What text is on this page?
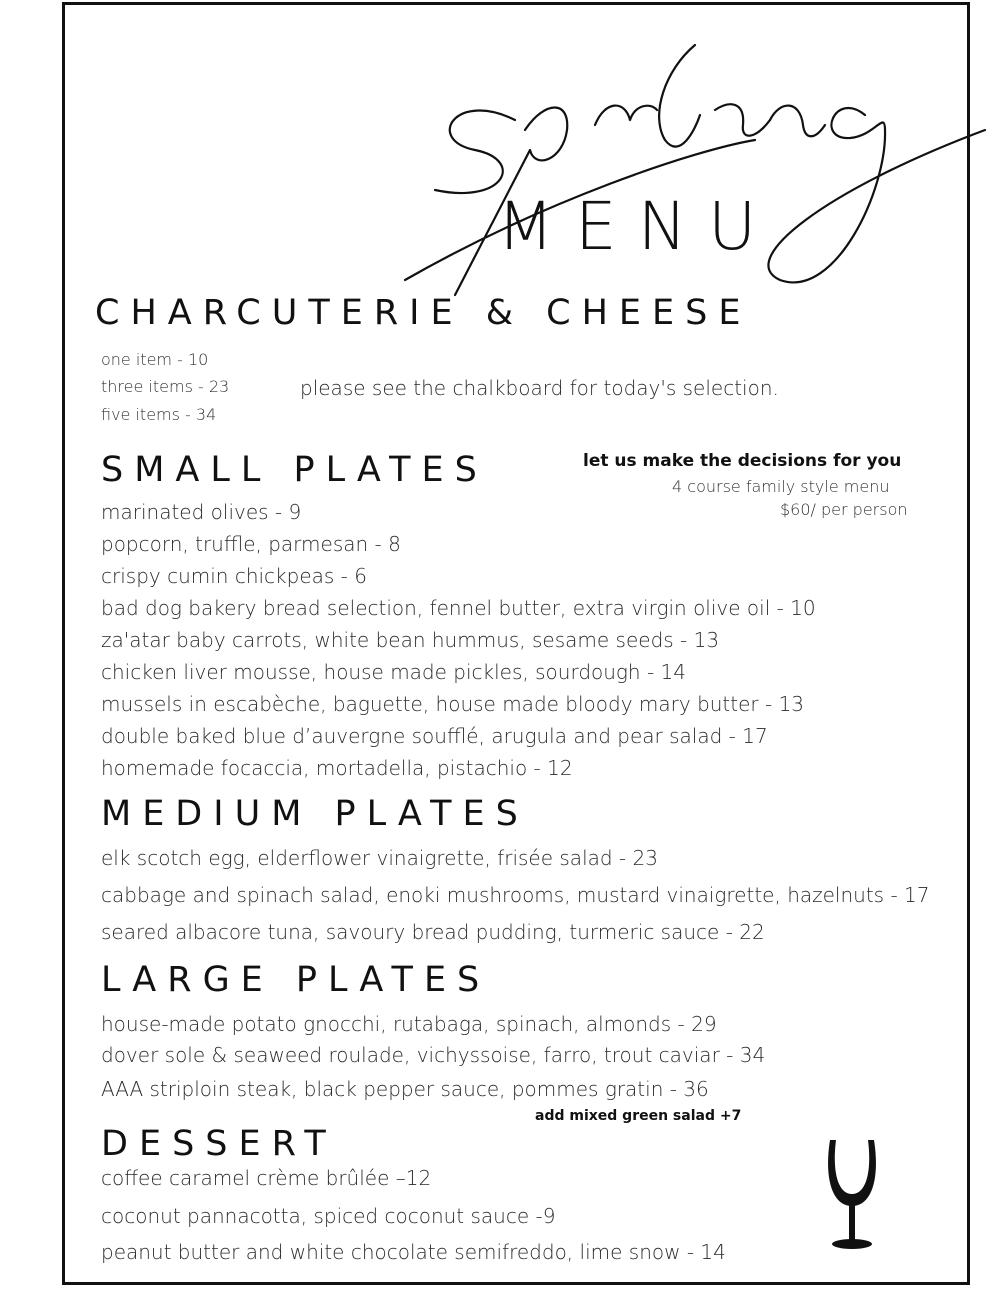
MENU
CHARCUTERIE & CHEESE
one item - 10
three items - 23
five items - 34
please see the chalkboard for today's selection.
SMALL PLATES	let us make the decisions for you
4 course family style menu
$60/ per person
marinated olives - 9
popcorn, truffle, parmesan - 8
crispy cumin chickpeas - 6
bad dog bakery bread selection, fennel butter, extra virgin olive oil - 10
za'atar baby carrots, white bean hummus, sesame seeds - 13
chicken liver mousse, house made pickles, sourdough - 14
mussels in escabèche, baguette, house made bloody mary butter - 13
double baked blue d’auvergne soufflé, arugula and pear salad - 17
homemade focaccia, mortadella, pistachio - 12
MEDIUM PLATES
elk scotch egg, elderflower vinaigrette, frisée salad - 23
cabbage and spinach salad, enoki mushrooms, mustard vinaigrette, hazelnuts - 17
seared albacore tuna, savoury bread pudding, turmeric sauce - 22
LARGE PLATES
house-made potato gnocchi, rutabaga, spinach, almonds - 29
dover sole & seaweed roulade, vichyssoise, farro, trout caviar - 34
AAA striploin steak, black pepper sauce, pommes gratin - 36
add mixed green salad +7
DESSERT
coffee caramel crème brûlée –12
coconut pannacotta, spiced coconut sauce -9
peanut butter and white chocolate semifreddo, lime snow - 14
